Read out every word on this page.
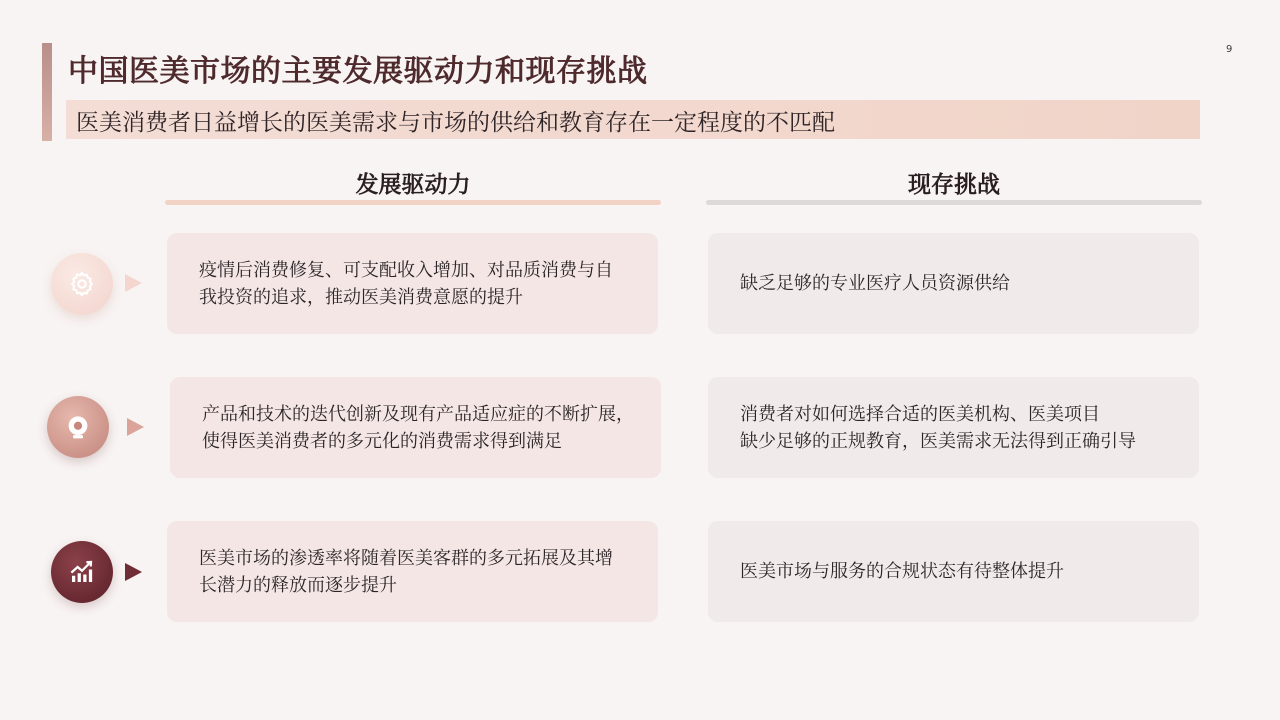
中国医美市场的主要发展驱动力和现存挑战
9
医美消费者日益增长的医美需求与市场的供给和教育存在一定程度的不匹配
发展驱动力	现存挑战
疫情后消费修复、可支配收入增加、对品质消费与自
我投资的追求，推动医美消费意愿的提升
缺乏足够的专业医疗人员资源供给
产品和技术的迭代创新及现有产品适应症的不断扩展，
使得医美消费者的多元化的消费需求得到满足
消费者对如何选择合适的医美机构、医美项目
缺少足够的正规教育，医美需求无法得到正确引导
医美市场的渗透率将随着医美客群的多元拓展及其增
长潜力的释放而逐步提升
医美市场与服务的合规状态有待整体提升
